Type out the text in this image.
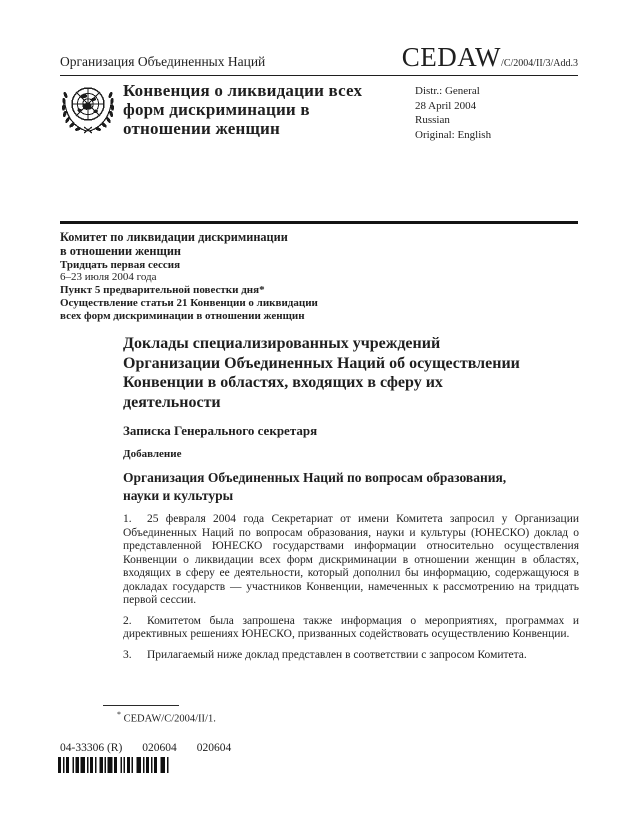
Организация Объединенных Наций	CEDAW/C/2004/II/3/Add.3
Конвенция о ликвидации всех
форм дискриминации в
отношении женщин
Distr.: General
28 April 2004
Russian
Original: English
Комитет по ликвидации дискриминации
в отношении женщин
Тридцать первая сессия
6–23 июля 2004 года
Пункт 5 предварительной повестки дня*
Осуществление статьи 21 Конвенции о ликвидации
всех форм дискриминации в отношении женщин
Доклады специализированных учреждений
Организации Объединенных Наций об осуществлении
Конвенции в областях, входящих в сферу их
деятельности
Записка Генерального секретаря
Добавление
Организация Объединенных Наций по вопросам образования,
науки и культуры

1. 25 февраля 2004 года Секретариат от имени Комитета запросил у Организации Объединенных Наций по вопросам образования, науки и культуры (ЮНЕСКО) доклад о представленной ЮНЕСКО государствами информации относительно осуществления Конвенции о ликвидации всех форм дискриминации в отношении женщин в областях, входящих в сферу ее деятельности, который дополнил бы информацию, содержащуюся в докладах государств — участников Конвенции, намеченных к рассмотрению на тридцать первой сессии.

2. Комитетом была запрошена также информация о мероприятиях, программах и директивных решениях ЮНЕСКО, призванных содействовать осуществлению Конвенции.

3. Прилагаемый ниже доклад представлен в соответствии с запросом Комитета.

* CEDAW/C/2004/II/1.
04-33306 (R) 020604 020604
